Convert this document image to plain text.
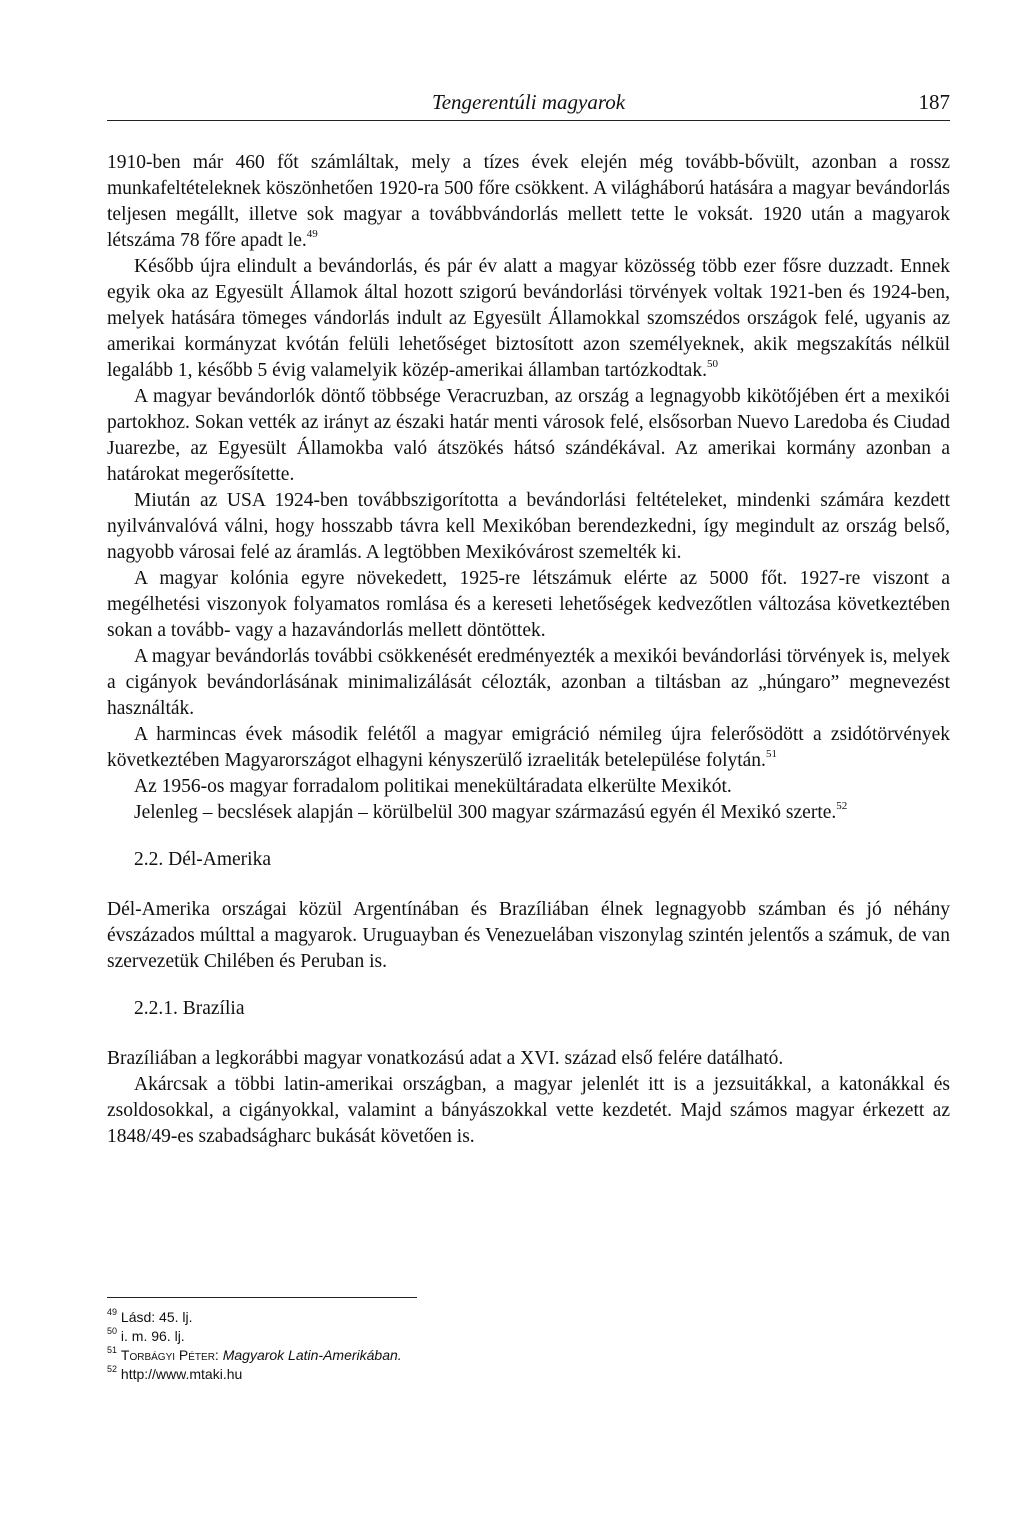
Tengerentúli magyarok	187

1910-ben már 460 főt számláltak, mely a tízes évek elején még tovább-bővült, azonban a rossz munkafeltételeknek köszönhetően 1920-ra 500 főre csökkent. A világháború hatására a magyar bevándorlás teljesen megállt, illetve sok magyar a továbbvándorlás mellett tette le voksát. 1920 után a magyarok létszáma 78 főre apadt le.$^{49}$

Később újra elindult a bevándorlás, és pár év alatt a magyar közösség több ezer fősre duzzadt. Ennek egyik oka az Egyesült Államok által hozott szigorú bevándorlási törvények voltak 1921-ben és 1924-ben, melyek hatására tömeges vándorlás indult az Egyesült Államokkal szomszédos országok felé, ugyanis az amerikai kormányzat kvótán felüli lehetőséget biztosított azon személyeknek, akik megszakítás nélkül legalább 1, később 5 évig valamelyik közép-amerikai államban tartózkodtak.$^{50}$

A magyar bevándorlók döntő többsége Veracruzban, az ország a legnagyobb kikötőjében ért a mexikói partokhoz. Sokan vették az irányt az északi határ menti városok felé, elsősorban Nuevo Laredoba és Ciudad Juarezbe, az Egyesült Államokba való átszökés hátsó szándékával. Az amerikai kormány azonban a határokat megerősítette.

Miután az USA 1924-ben továbbszigorította a bevándorlási feltételeket, mindenki számára kezdett nyilvánvalóvá válni, hogy hosszabb távra kell Mexikóban berendezkedni, így megindult az ország belső, nagyobb városai felé az áramlás. A legtöbben Mexikóvárost szemelték ki.

A magyar kolónia egyre növekedett, 1925-re létszámuk elérte az 5000 főt. 1927-re viszont a megélhetési viszonyok folyamatos romlása és a kereseti lehetőségek kedvezőtlen változása következtében sokan a tovább- vagy a hazavándorlás mellett döntöttek.

A magyar bevándorlás további csökkenését eredményezték a mexikói bevándorlási törvények is, melyek a cigányok bevándorlásának minimalizálását célozták, azonban a tiltásban az „húngaro” megnevezést használták.

A harmincas évek második felétől a magyar emigráció némileg újra felerősödött a zsidótörvények következtében Magyarországot elhagyni kényszerülő izraeliták betelepülése folytán.$^{51}$

Az 1956-os magyar forradalom politikai menekültáradata elkerülte Mexikót.

Jelenleg – becslések alapján – körülbelül 300 magyar származású egyén él Mexikó szerte.$^{52}$

2.2. Dél-Amerika

Dél-Amerika országai közül Argentínában és Brazíliában élnek legnagyobb számban és jó néhány évszázados múlttal a magyarok. Uruguayban és Venezuelában viszonylag szintén jelentős a számuk, de van szervezetük Chilében és Peruban is.

2.2.1. Brazília

Brazíliában a legkorábbi magyar vonatkozású adat a XVI. század első felére datálható.

Akárcsak a többi latin-amerikai országban, a magyar jelenlét itt is a jezsuitákkal, a katonákkal és zsoldosokkal, a cigányokkal, valamint a bányászokkal vette kezdetét. Majd számos magyar érkezett az 1848/49-es szabadságharc bukását követően is.

$^{49}$ Lásd: 45. lj.

$^{50}$ i. m. 96. lj.

$^{51}$ Torbágyi Péter: Magyarok Latin-Amerikában.

$^{52}$ http://www.mtaki.hu
